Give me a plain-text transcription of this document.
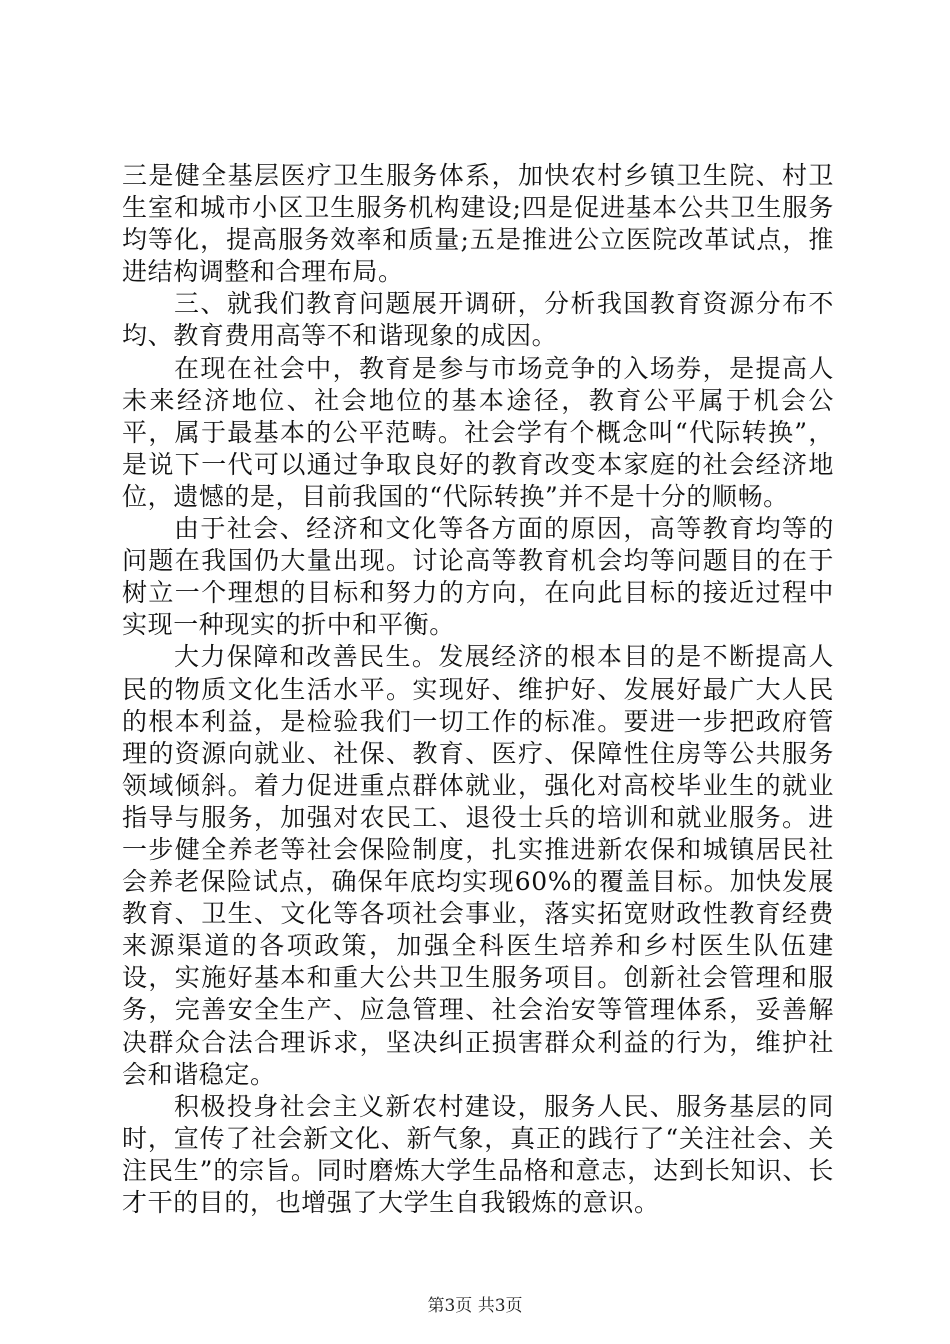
三是健全基层医疗卫生服务体系，加快农村乡镇卫生院、村卫生室和城市小区卫生服务机构建设;四是促进基本公共卫生服务均等化，提高服务效率和质量;五是推进公立医院改革试点，推进结构调整和合理布局。

三、就我们教育问题展开调研，分析我国教育资源分布不均、教育费用高等不和谐现象的成因。

在现在社会中，教育是参与市场竞争的入场券，是提高人未来经济地位、社会地位的基本途径，教育公平属于机会公平，属于最基本的公平范畴。社会学有个概念叫“代际转换”，是说下一代可以通过争取良好的教育改变本家庭的社会经济地位，遗憾的是，目前我国的“代际转换”并不是十分的顺畅。

由于社会、经济和文化等各方面的原因，高等教育均等的问题在我国仍大量出现。讨论高等教育机会均等问题目的在于树立一个理想的目标和努力的方向，在向此目标的接近过程中实现一种现实的折中和平衡。

大力保障和改善民生。发展经济的根本目的是不断提高人民的物质文化生活水平。实现好、维护好、发展好最广大人民的根本利益，是检验我们一切工作的标准。要进一步把政府管理的资源向就业、社保、教育、医疗、保障性住房等公共服务领域倾斜。着力促进重点群体就业，强化对高校毕业生的就业指导与服务，加强对农民工、退役士兵的培训和就业服务。进一步健全养老等社会保险制度，扎实推进新农保和城镇居民社会养老保险试点，确保年底均实现60%的覆盖目标。加快发展教育、卫生、文化等各项社会事业，落实拓宽财政性教育经费来源渠道的各项政策，加强全科医生培养和乡村医生队伍建设，实施好基本和重大公共卫生服务项目。创新社会管理和服务，完善安全生产、应急管理、社会治安等管理体系，妥善解决群众合法合理诉求，坚决纠正损害群众利益的行为，维护社会和谐稳定。

积极投身社会主义新农村建设，服务人民、服务基层的同时，宣传了社会新文化、新气象，真正的践行了“关注社会、关注民生”的宗旨。同时磨炼大学生品格和意志，达到长知识、长才干的目的，也增强了大学生自我锻炼的意识。

第3页 共3页
